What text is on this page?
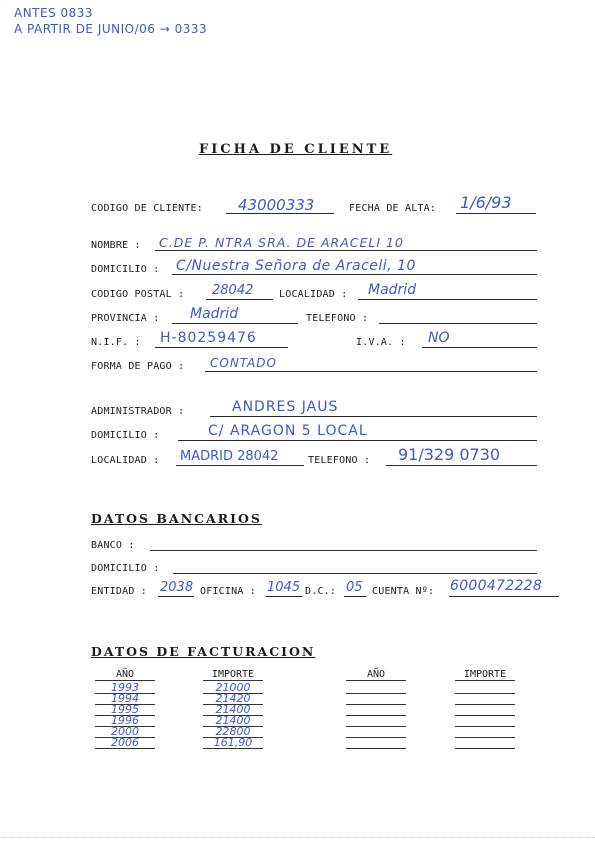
ANTES 0833
A PARTIR DE JUNIO/06 → 0333
FICHA DE CLIENTE
CODIGO DE CLIENTE: 43000333	FECHA DE ALTA: 1/6/93
NOMBRE : C.DE P. NTRA SRA. DE ARACELI 10
DOMICILIO : C/Nuestra Señora de Araceli, 10
CODIGO POSTAL : 28042	LOCALIDAD : Madrid
PROVINCIA : Madrid	TELEFONO :
N.I.F. : H-80259476	I.V.A. : NO
FORMA DE PAGO : CONTADO
ADMINISTRADOR :	ANDRES JAUS
DOMICILIO :	C/ ARAGON 5 LOCAL
LOCALIDAD : MADRID 28042	TELEFONO : 91/329 0730
DATOS BANCARIOS
BANCO :
DOMICILIO :
ENTIDAD : 2038 OFICINA : 1045 D.C.: 05 CUENTA Nº: 6000472228
DATOS DE FACTURACION
AÑO	IMPORTE	AÑO	IMPORTE
1993	21000
1994	21420
1995	21400
1996	21400
2000	22800
2006	161,90
